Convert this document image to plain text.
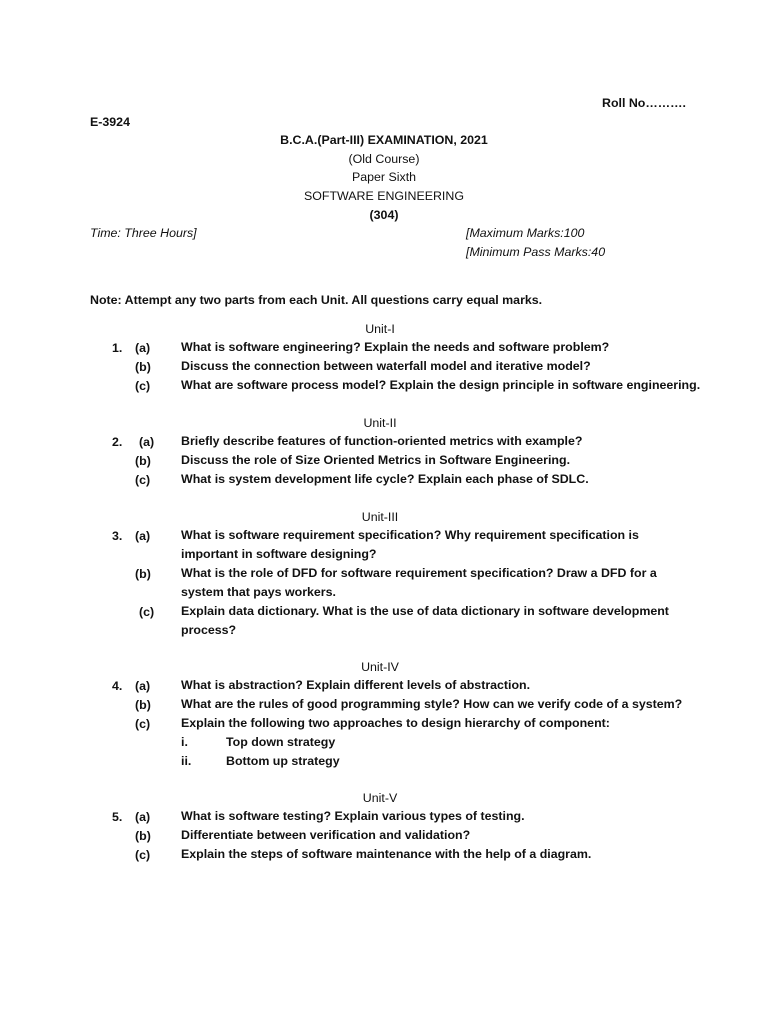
Roll No……….
E-3924
B.C.A.(Part-III) EXAMINATION, 2021
(Old Course)
Paper Sixth
SOFTWARE ENGINEERING
(304)
Time: Three Hours]	[Maximum Marks:100
[Minimum Pass Marks:40
Note: Attempt any two parts from each Unit. All questions carry equal marks.
Unit-I
1. (a)	What is software engineering? Explain the needs and software problem?
(b)	Discuss the connection between waterfall model and iterative model?
(c)	What are software process model? Explain the design principle in software engineering.
Unit-II
2. (a)	Briefly describe features of function-oriented metrics with example?
(b)	Discuss the role of Size Oriented Metrics in Software Engineering.
(c)	What is system development life cycle? Explain each phase of SDLC.
Unit-III
3. (a)	What is software requirement specification? Why requirement specification is important in software designing?
(b)	What is the role of DFD for software requirement specification? Draw a DFD for a system that pays workers.
(c)	Explain data dictionary. What is the use of data dictionary in software development process?
Unit-IV
4. (a)	What is abstraction? Explain different levels of abstraction.
(b)	What are the rules of good programming style? How can we verify code of a system?
(c)	Explain the following two approaches to design hierarchy of component:
i.	Top down strategy
ii.	Bottom up strategy
Unit-V
5. (a)	What is software testing? Explain various types of testing.
(b)	Differentiate between verification and validation?
(c)	Explain the steps of software maintenance with the help of a diagram.
